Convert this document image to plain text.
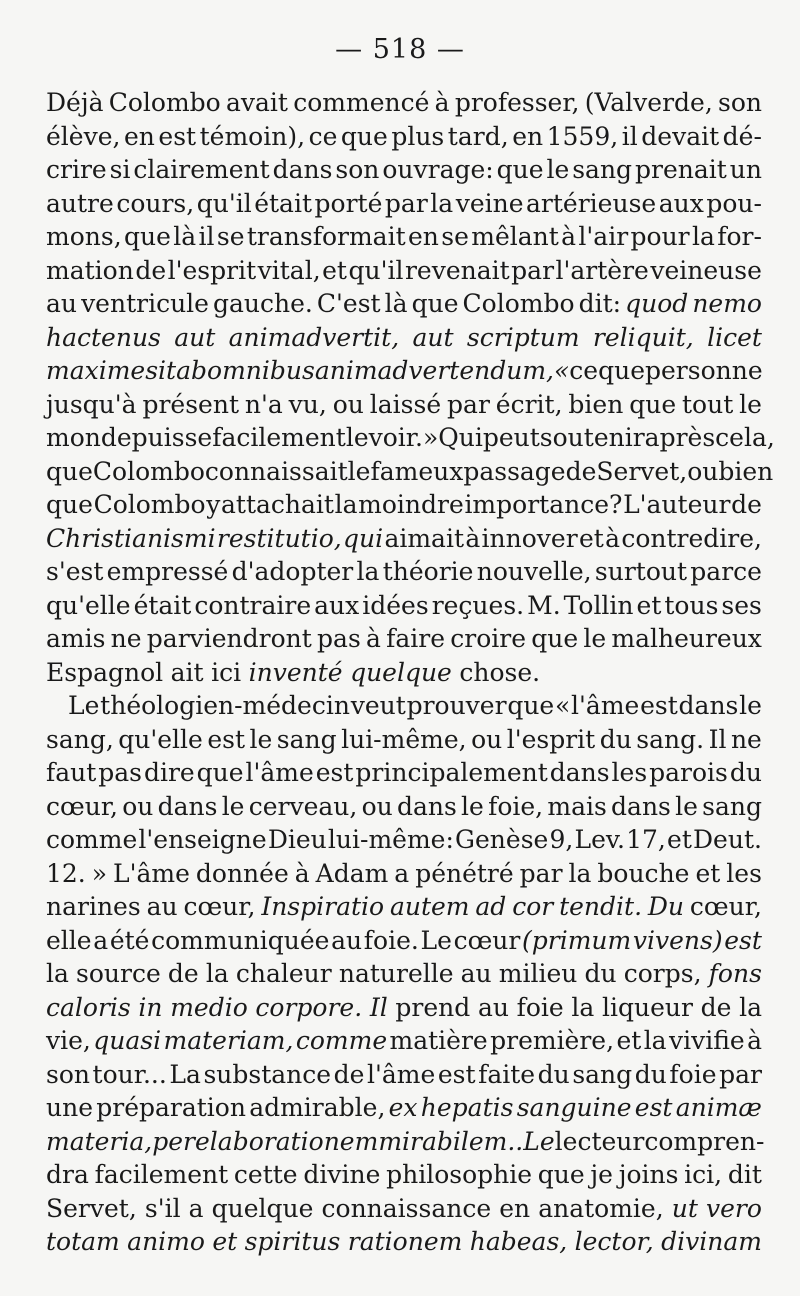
— 518 —
Déjà Colombo avait commencé à professer, (Valverde, son
élève, en est témoin), ce que plus tard, en 1559, il devait dé-
crire si clairement dans son ouvrage: que le sang prenait un
autre cours, qu'il était porté par la veine artérieuse aux pou-
mons, que là il se transformait en se mêlant à l'air pour la for-
mation de l'esprit vital, et qu'il revenait par l'artère veineuse
au ventricule gauche. C'est là que Colombo dit: quod nemo
hactenus aut animadvertit, aut scriptum reliquit, licet
maxime sit ab omnibus animadvertendum, « ce que personne
jusqu'à présent n'a vu, ou laissé par écrit, bien que tout le
monde puisse facilement le voir. » Qui peut soutenir après cela,
que Colombo connaissait le fameux passage de Servet, ou bien
que Colombo y attachait la moindre importance? L'auteur de
Christianismi restitutio, qui aimait à innover et à contredire,
s'est empressé d'adopter la théorie nouvelle, surtout parce
qu'elle était contraire aux idées reçues. M. Tollin et tous ses
amis ne parviendront pas à faire croire que le malheureux
Espagnol ait ici inventé quelque chose.
Le théologien-médecin veut prouver que « l'âme est dans le
sang, qu'elle est le sang lui-même, ou l'esprit du sang. Il ne
faut pas dire que l'âme est principalement dans les parois du
cœur, ou dans le cerveau, ou dans le foie, mais dans le sang
comme l'enseigne Dieu lui-même: Genèse 9, Lev. 17, et Deut.
12. » L'âme donnée à Adam a pénétré par la bouche et les
narines au cœur, Inspiratio autem ad cor tendit. Du cœur,
elle a été communiquée au foie. Le cœur (primum vivens) est
la source de la chaleur naturelle au milieu du corps, fons
caloris in medio corpore. Il prend au foie la liqueur de la
vie, quasi materiam, comme matière première, et la vivifie à
son tour... La substance de l'âme est faite du sang du foie par
une préparation admirable, ex hepatis sanguine est animæ
materia, per elaborationem mirabilem.. Le lecteur compren-
dra facilement cette divine philosophie que je joins ici, dit
Servet, s'il a quelque connaissance en anatomie, ut vero
totam animo et spiritus rationem habeas, lector, divinam
